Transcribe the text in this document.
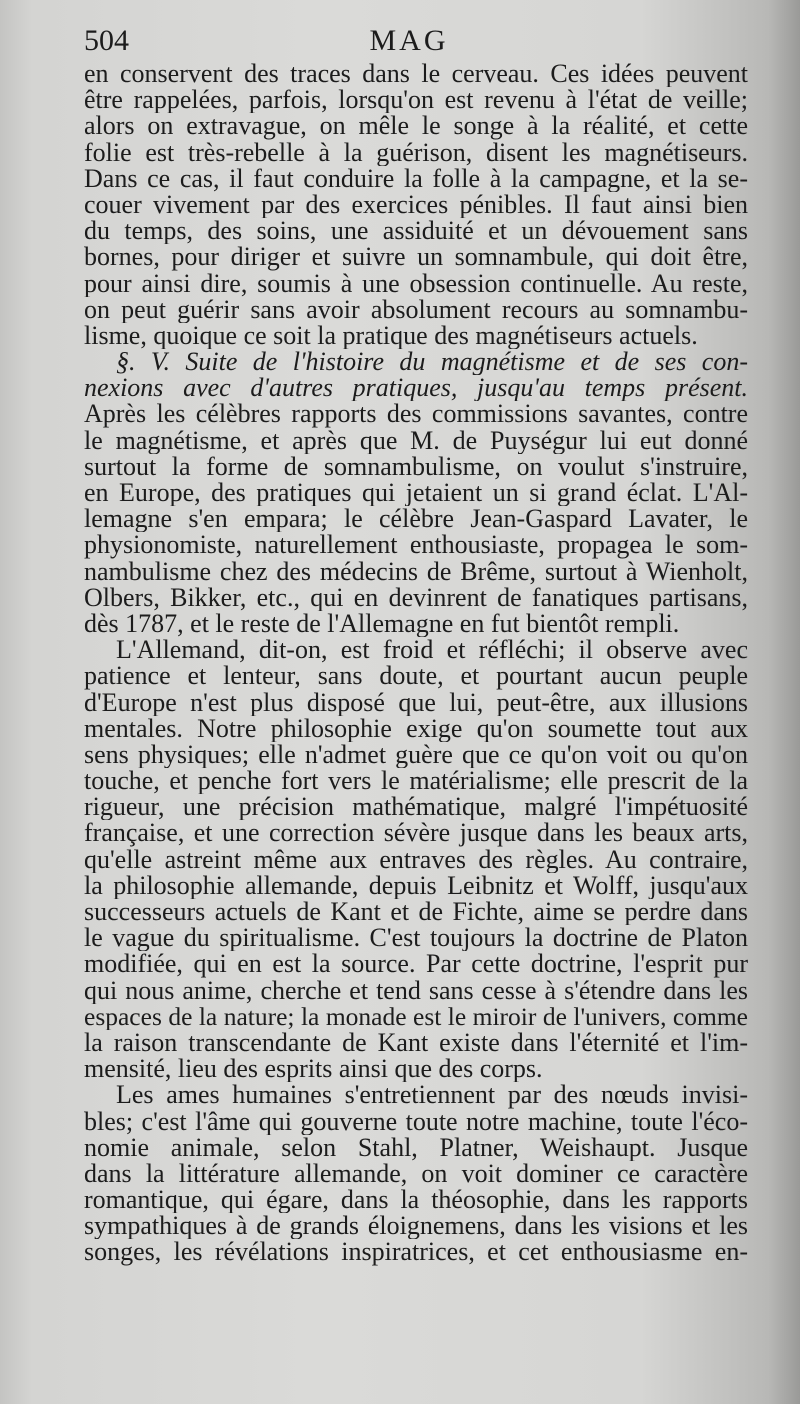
504	MAG
en conservent des traces dans le cerveau. Ces idées peuvent
être rappelées, parfois, lorsqu'on est revenu à l'état de veille;
alors on extravague, on mêle le songe à la réalité, et cette
folie est très-rebelle à la guérison, disent les magnétiseurs.
Dans ce cas, il faut conduire la folle à la campagne, et la se-
couer vivement par des exercices pénibles. Il faut ainsi bien
du temps, des soins, une assiduité et un dévouement sans
bornes, pour diriger et suivre un somnambule, qui doit être,
pour ainsi dire, soumis à une obsession continuelle. Au reste,
on peut guérir sans avoir absolument recours au somnambu-
lisme, quoique ce soit la pratique des magnétiseurs actuels.
§. V. Suite de l'histoire du magnétisme et de ses con-
nexions avec d'autres pratiques, jusqu'au temps présent.
Après les célèbres rapports des commissions savantes, contre
le magnétisme, et après que M. de Puységur lui eut donné
surtout la forme de somnambulisme, on voulut s'instruire,
en Europe, des pratiques qui jetaient un si grand éclat. L'Al-
lemagne s'en empara; le célèbre Jean-Gaspard Lavater, le
physionomiste, naturellement enthousiaste, propagea le som-
nambulisme chez des médecins de Brême, surtout à Wienholt,
Olbers, Bikker, etc., qui en devinrent de fanatiques partisans,
dès 1787, et le reste de l'Allemagne en fut bientôt rempli.
L'Allemand, dit-on, est froid et réfléchi; il observe avec
patience et lenteur, sans doute, et pourtant aucun peuple
d'Europe n'est plus disposé que lui, peut-être, aux illusions
mentales. Notre philosophie exige qu'on soumette tout aux
sens physiques; elle n'admet guère que ce qu'on voit ou qu'on
touche, et penche fort vers le matérialisme; elle prescrit de la
rigueur, une précision mathématique, malgré l'impétuosité
française, et une correction sévère jusque dans les beaux arts,
qu'elle astreint même aux entraves des règles. Au contraire,
la philosophie allemande, depuis Leibnitz et Wolff, jusqu'aux
successeurs actuels de Kant et de Fichte, aime se perdre dans
le vague du spiritualisme. C'est toujours la doctrine de Platon
modifiée, qui en est la source. Par cette doctrine, l'esprit pur
qui nous anime, cherche et tend sans cesse à s'étendre dans les
espaces de la nature; la monade est le miroir de l'univers, comme
la raison transcendante de Kant existe dans l'éternité et l'im-
mensité, lieu des esprits ainsi que des corps.
Les ames humaines s'entretiennent par des nœuds invisi-
bles; c'est l'âme qui gouverne toute notre machine, toute l'éco-
nomie animale, selon Stahl, Platner, Weishaupt. Jusque
dans la littérature allemande, on voit dominer ce caractère
romantique, qui égare, dans la théosophie, dans les rapports
sympathiques à de grands éloignemens, dans les visions et les
songes, les révélations inspiratrices, et cet enthousiasme en-
